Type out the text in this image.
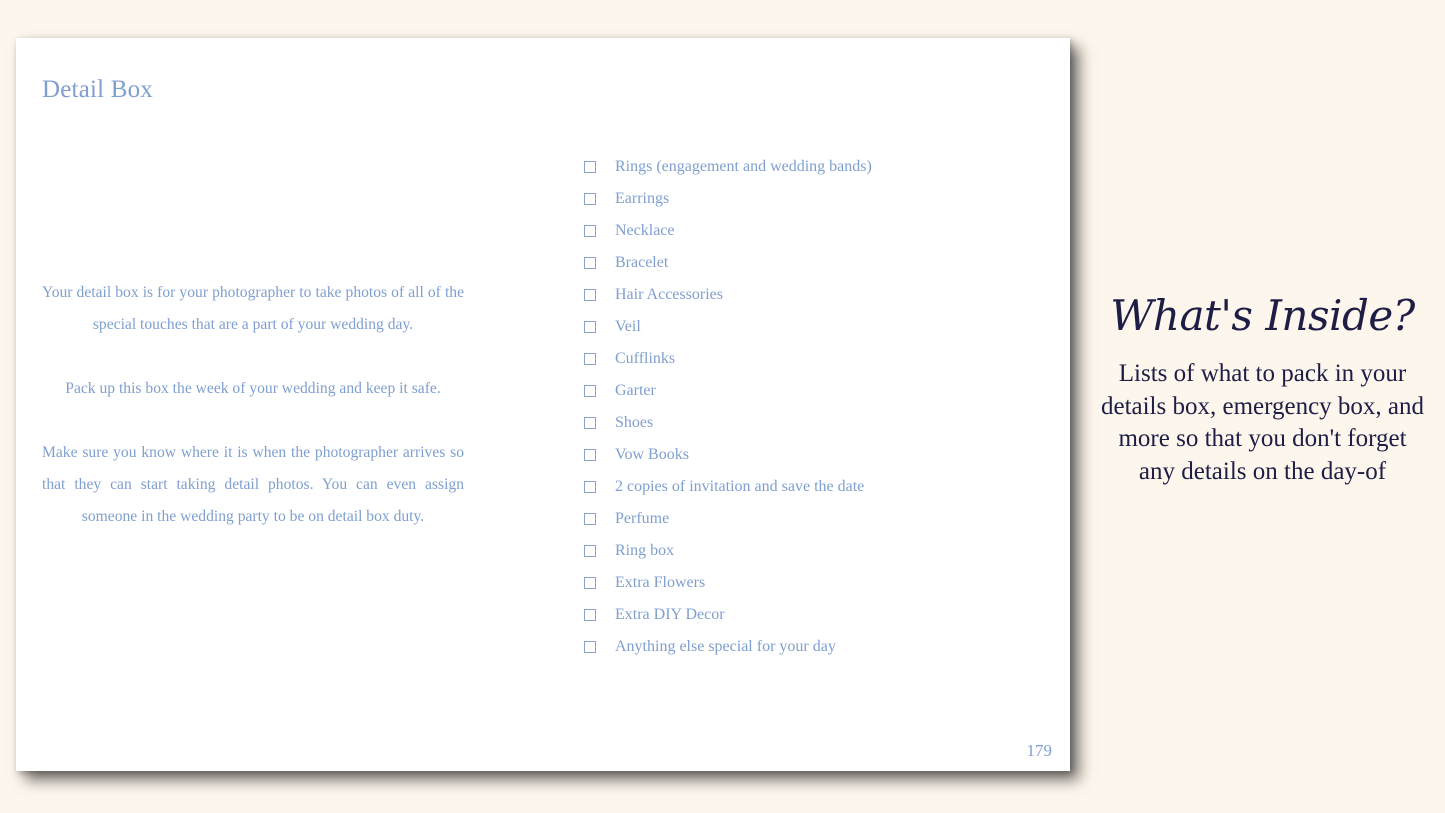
Detail Box

Your detail box is for your photographer to take photos of all of the special touches that are a part of your wedding day.

Pack up this box the week of your wedding and keep it safe.

Make sure you know where it is when the photographer arrives so that they can start taking detail photos. You can even assign someone in the wedding party to be on detail box duty.

Rings (engagement and wedding bands)
Earrings
Necklace
Bracelet
Hair Accessories
Veil
Cufflinks
Garter
Shoes
Vow Books
2 copies of invitation and save the date
Perfume
Ring box
Extra Flowers
Extra DIY Decor
Anything else special for your day
179
What's Inside?

Lists of what to pack in your details box, emergency box, and more so that you don't forget any details on the day-of
